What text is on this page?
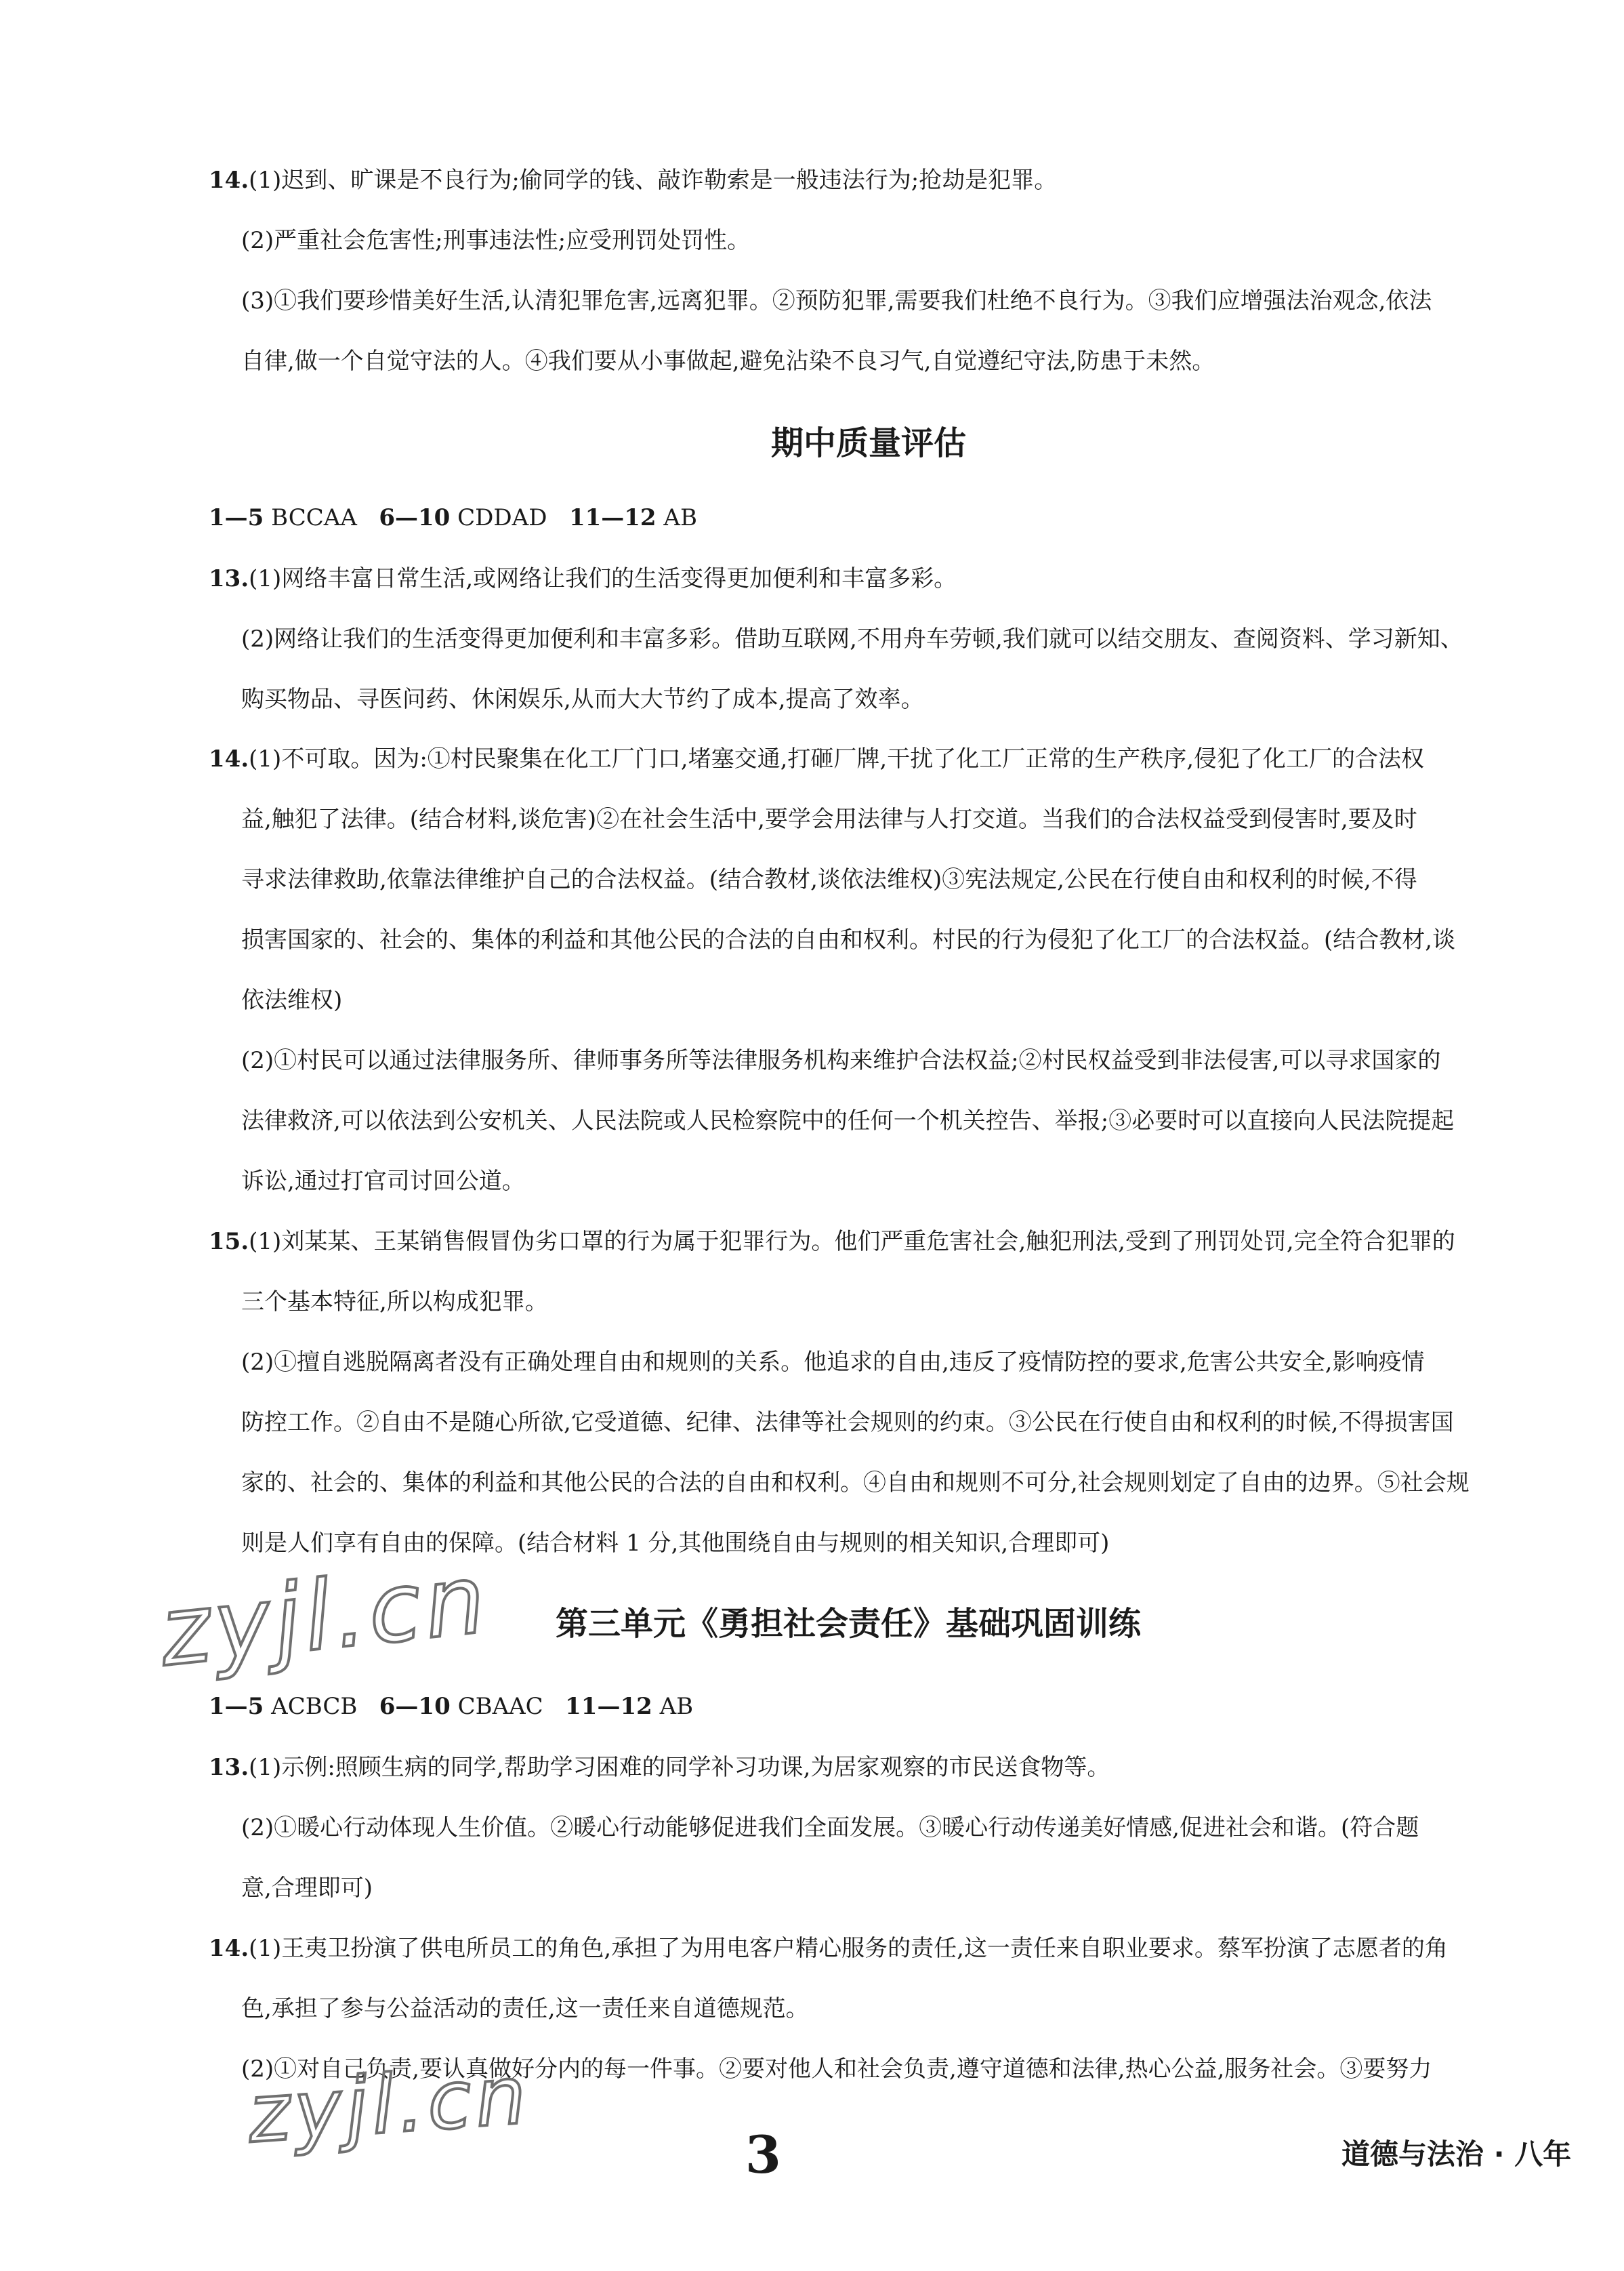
14.(1)迟到、旷课是不良行为;偷同学的钱、敲诈勒索是一般违法行为;抢劫是犯罪。
(2)严重社会危害性;刑事违法性;应受刑罚处罚性。
(3)①我们要珍惜美好生活,认清犯罪危害,远离犯罪。②预防犯罪,需要我们杜绝不良行为。③我们应增强法治观念,依法
自律,做一个自觉守法的人。④我们要从小事做起,避免沾染不良习气,自觉遵纪守法,防患于未然。
期中质量评估
1—5 BCCAA 6—10 CDDAD 11—12 AB
13.(1)网络丰富日常生活,或网络让我们的生活变得更加便利和丰富多彩。
(2)网络让我们的生活变得更加便利和丰富多彩。借助互联网,不用舟车劳顿,我们就可以结交朋友、查阅资料、学习新知、
购买物品、寻医问药、休闲娱乐,从而大大节约了成本,提高了效率。
14.(1)不可取。因为:①村民聚集在化工厂门口,堵塞交通,打砸厂牌,干扰了化工厂正常的生产秩序,侵犯了化工厂的合法权
益,触犯了法律。(结合材料,谈危害)②在社会生活中,要学会用法律与人打交道。当我们的合法权益受到侵害时,要及时
寻求法律救助,依靠法律维护自己的合法权益。(结合教材,谈依法维权)③宪法规定,公民在行使自由和权利的时候,不得
损害国家的、社会的、集体的利益和其他公民的合法的自由和权利。村民的行为侵犯了化工厂的合法权益。(结合教材,谈
依法维权)
(2)①村民可以通过法律服务所、律师事务所等法律服务机构来维护合法权益;②村民权益受到非法侵害,可以寻求国家的
法律救济,可以依法到公安机关、人民法院或人民检察院中的任何一个机关控告、举报;③必要时可以直接向人民法院提起
诉讼,通过打官司讨回公道。
15.(1)刘某某、王某销售假冒伪劣口罩的行为属于犯罪行为。他们严重危害社会,触犯刑法,受到了刑罚处罚,完全符合犯罪的
三个基本特征,所以构成犯罪。
(2)①擅自逃脱隔离者没有正确处理自由和规则的关系。他追求的自由,违反了疫情防控的要求,危害公共安全,影响疫情
防控工作。②自由不是随心所欲,它受道德、纪律、法律等社会规则的约束。③公民在行使自由和权利的时候,不得损害国
家的、社会的、集体的利益和其他公民的合法的自由和权利。④自由和规则不可分,社会规则划定了自由的边界。⑤社会规
则是人们享有自由的保障。(结合材料 1 分,其他围绕自由与规则的相关知识,合理即可)
zyjl.cn 第三单元《勇担社会责任》基础巩固训练
1—5 ACBCB 6—10 CBAAC 11—12 AB
13.(1)示例:照顾生病的同学,帮助学习困难的同学补习功课,为居家观察的市民送食物等。
(2)①暖心行动体现人生价值。②暖心行动能够促进我们全面发展。③暖心行动传递美好情感,促进社会和谐。(符合题
意,合理即可)
14.(1)王夷卫扮演了供电所员工的角色,承担了为用电客户精心服务的责任,这一责任来自职业要求。蔡军扮演了志愿者的角
色,承担了参与公益活动的责任,这一责任来自道德规范。
(2)①对自己负责,要认真做好分内的每一件事。②要对他人和社会负责,遵守道德和法律,热心公益,服务社会。③要努力
zyjl.cn	3	道德与法治 · 八年
